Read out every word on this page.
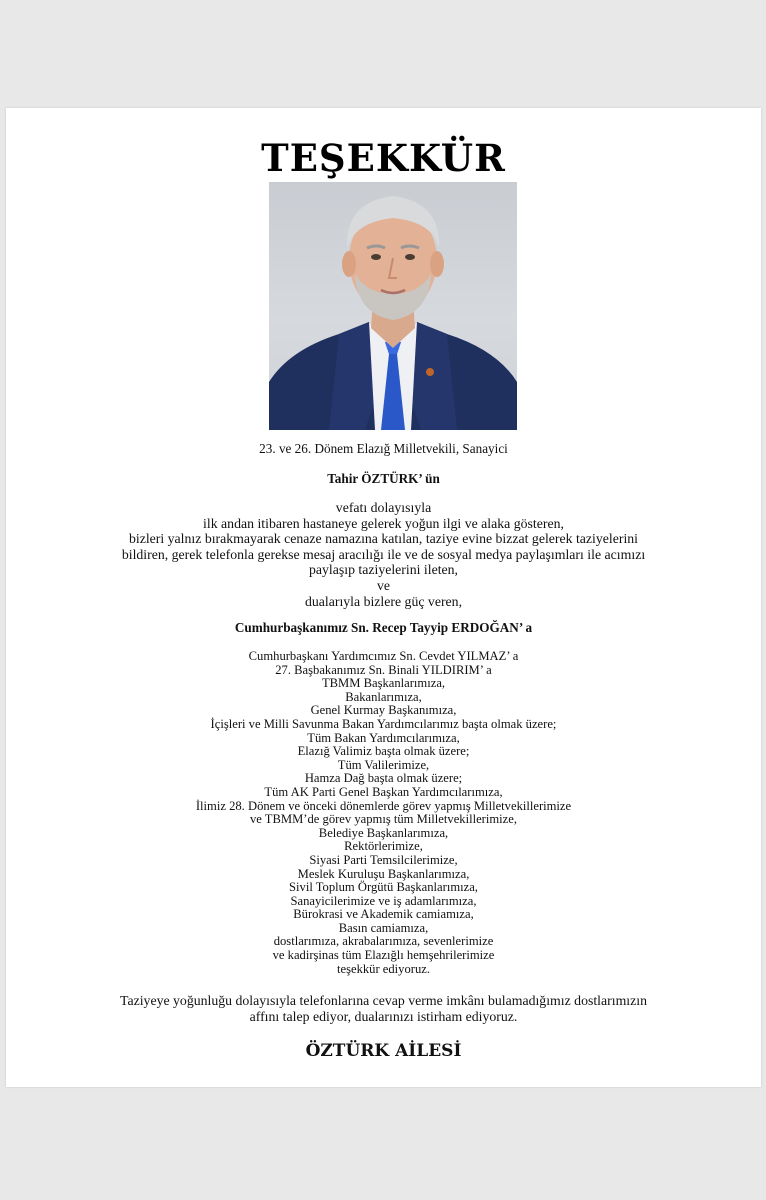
TEŞEKKÜR
23. ve 26. Dönem Elazığ Milletvekili, Sanayici
Tahir ÖZTÜRK’ ün
vefatı dolayısıyla
ilk andan itibaren hastaneye gelerek yoğun ilgi ve alaka gösteren,
bizleri yalnız bırakmayarak cenaze namazına katılan, taziye evine bizzat gelerek taziyelerini
bildiren, gerek telefonla gerekse mesaj aracılığı ile ve de sosyal medya paylaşımları ile acımızı
paylaşıp taziyelerini ileten,
ve
dualarıyla bizlere güç veren,
Cumhurbaşkanımız Sn. Recep Tayyip ERDOĞAN’ a
Cumhurbaşkanı Yardımcımız Sn. Cevdet YILMAZ’ a
27. Başbakanımız Sn. Binali YILDIRIM’ a
TBMM Başkanlarımıza,
Bakanlarımıza,
Genel Kurmay Başkanımıza,
İçişleri ve Milli Savunma Bakan Yardımcılarımız başta olmak üzere;
Tüm Bakan Yardımcılarımıza,
Elazığ Valimiz başta olmak üzere;
Tüm Valilerimize,
Hamza Dağ başta olmak üzere;
Tüm AK Parti Genel Başkan Yardımcılarımıza,
İlimiz 28. Dönem ve önceki dönemlerde görev yapmış Milletvekillerimize
ve TBMM’de görev yapmış tüm Milletvekillerimize,
Belediye Başkanlarımıza,
Rektörlerimize,
Siyasi Parti Temsilcilerimize,
Meslek Kuruluşu Başkanlarımıza,
Sivil Toplum Örgütü Başkanlarımıza,
Sanayicilerimize ve iş adamlarımıza,
Bürokrasi ve Akademik camiamıza,
Basın camiamıza,
dostlarımıza, akrabalarımıza, sevenlerimize
ve kadirşinas tüm Elazığlı hemşehrilerimize
teşekkür ediyoruz.
Taziyeye yoğunluğu dolayısıyla telefonlarına cevap verme imkânı bulamadığımız dostlarımızın
affını talep ediyor, dualarınızı istirham ediyoruz.
ÖZTÜRK AİLESİ
